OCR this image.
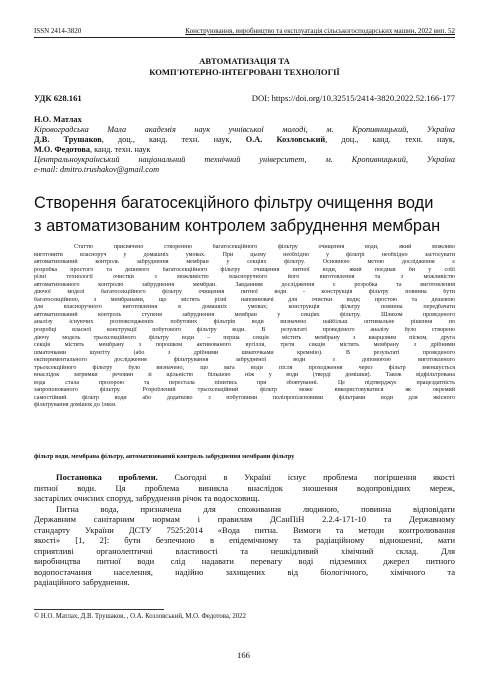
ISSN 2414-3820	Конструювання, виробництво та експлуатація сільськогосподарських машин, 2022 вип. 52
АВТОМАТИЗАЦІЯ ТА
КОМП'ЮТЕРНО-ІНТЕГРОВАНІ ТЕХНОЛОГІЇ
УДК 628.161	DOI: https://doi.org/10.32515/2414-3820.2022.52.166-177
Н.О. Матлах
Кіровоградська Мала академія наук учнівської молоді, м. Кропивницький, Україна
Д.В. Трушаков, доц., канд. техн. наук, О.А. Козловський, доц., канд. техн. наук,
М.О. Федотова, канд. техн. наук
Центральноукраїнський національний технічний університет, м. Кропивницький, Україна
e-mail: dmitro.trushakov@gmail.com
Створення багатосекційного фільтру очищення води
з автоматизованим контролем забруднення мембран
Статтю присвячено створенню багатосекційного фільтру очищення води, який можливо
виготовити власноруч у домашніх умовах. При цьому необхідно у фільтрі необхідно застосувати
автоматизований контроль забруднення мембран у секціях фільтру. Основною метою дослідження є
розробка простого та дешевого багатосекційного фільтру очищення питної води, який поєднав би у собі
різні технології очистки з можливістю власноручного його виготовлення та з можливістю
автоматизованого контролю забруднення мембран. Завданням дослідження є розробка та виготовлення
діючої моделі багатосекційного фільтру очищення питної води - конструкція фільтру повинна бути
багатосекційною, з мембранами, що містять різні наповнювачі для очистки води; простою та дешевою
для власноручного виготовлення в домашніх умовах; конструкція фільтру повинна передбачати
автоматизований контроль ступеня забруднення мембран у секціях фільтру. Шляхом проведеного
аналізу існуючих розповсюджених побутових фільтрів води визначено найбільш оптимальне рішення по
розробці власної конструкції побутового фільтру води. В результаті проведеного аналізу було створено
діючу модель трьохсекційного фільтру води – перша секція містить мембрану з кварцовим піском, друга
секція містить мембрану з порошком активованого вугілля, третя секція містить мембрану з дрібними
шматочками шунгіту (або з дрібними шматочками кремнію). В результаті проведеного
експериментального дослідження фільтрування забрудненої води з допомогою виготовленого
трьохсекційного фільтру було визначено, що вага води після проходження через фільтр зменшується
внаслідок затримки речовин зі щільністю більшою ніж у води (тверді домішки). Також відфільтрована
вода стала прозорою та перестала пінитись при збовтуванні. Це підтверджує працездатність
запропонованого фільтру. Розроблений трьохсекційний фільтр можe використовуватися як окремий
самостійний фільтр води або додатково з побутовими поліпропіленовими фільтрами води для якісного
фільтрування домішок до 1мкм.
фільтр води, мембрана фільтру, автоматизований контроль забруднення мембрани фільтру
Постановка проблеми. Сьогодні в Україні існує проблема погіршення якості
питної води. Ця проблема виникла внаслідок зношення водопровідних мереж,
застарілих очисних споруд, забруднення річок та водосховищ.
Питна вода, призначена для споживання людиною, повинна відповідати
Державним санітарним нормам і правилам ДСанПіН 2.2.4-171-10 та Державному
стандарту України ДСТУ 7525:2014 «Вода питна. Вимоги та методи контролювання
якості» [1, 2]: бути безпечною в епідемічному та радіаційному відношенні, мати
сприятливі органолептичні властивості та нешкідливий хімічний склад. Для
виробництва питної води слід надавати перевагу воді підземних джерел питного
водопостачання населення, надійно захищених від біологічного, хімічного та
радіаційного забруднення.
© Н.О. Матлах, Д.В. Трушаков, , О.А. Козловський, М.О. Федотова, 2022
166
